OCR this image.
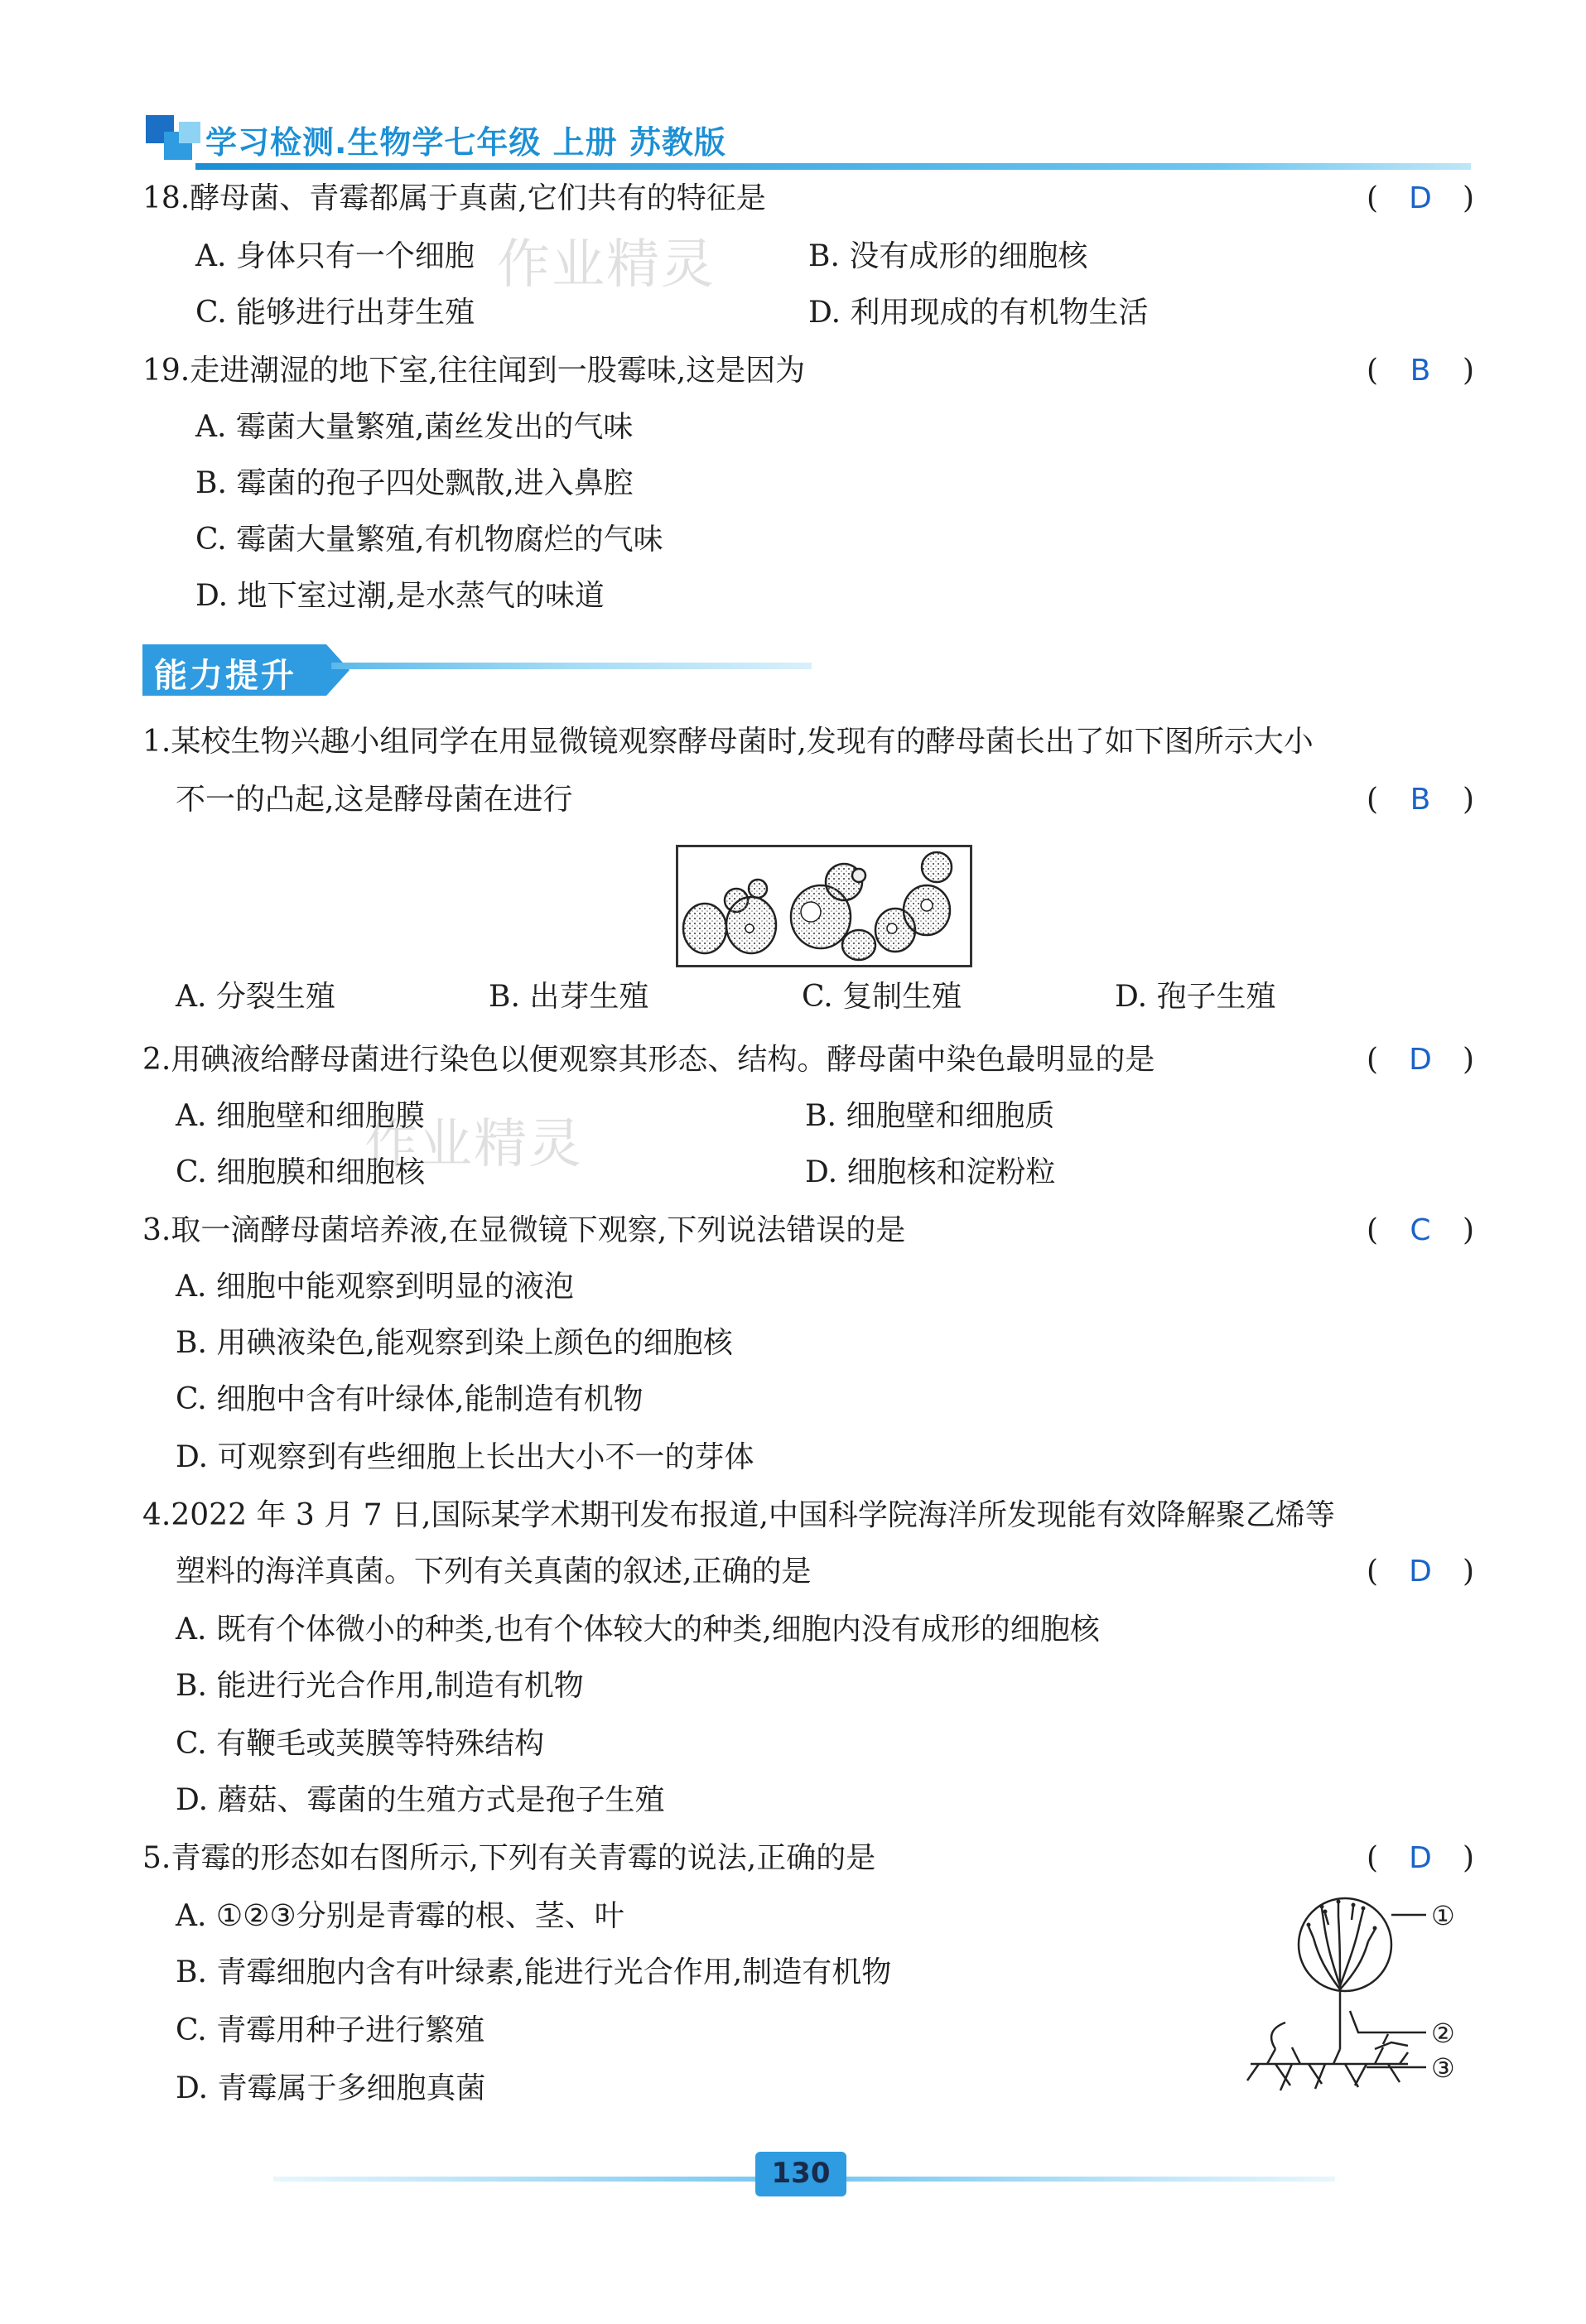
学习检测.生物学七年级 上册 苏教版
18.酵母菌、青霉都属于真菌,它们共有的特征是	( D )
A. 身体只有一个细胞	B. 没有成形的细胞核
C. 能够进行出芽生殖	D. 利用现成的有机物生活
19.走进潮湿的地下室,往往闻到一股霉味,这是因为	( B )
A. 霉菌大量繁殖,菌丝发出的气味
B. 霉菌的孢子四处飘散,进入鼻腔
C. 霉菌大量繁殖,有机物腐烂的气味
D. 地下室过潮,是水蒸气的味道
能力提升
1.某校生物兴趣小组同学在用显微镜观察酵母菌时,发现有的酵母菌长出了如下图所示大小
不一的凸起,这是酵母菌在进行	( B )
A. 分裂生殖	B. 出芽生殖	C. 复制生殖	D. 孢子生殖
2.用碘液给酵母菌进行染色以便观察其形态、结构。酵母菌中染色最明显的是	( D )
A. 细胞壁和细胞膜	B. 细胞壁和细胞质
C. 细胞膜和细胞核	D. 细胞核和淀粉粒
3.取一滴酵母菌培养液,在显微镜下观察,下列说法错误的是	( C )
A. 细胞中能观察到明显的液泡
B. 用碘液染色,能观察到染上颜色的细胞核
C. 细胞中含有叶绿体,能制造有机物
D. 可观察到有些细胞上长出大小不一的芽体
4.2022 年 3 月 7 日,国际某学术期刊发布报道,中国科学院海洋所发现能有效降解聚乙烯等
塑料的海洋真菌。下列有关真菌的叙述,正确的是	( D )
A. 既有个体微小的种类,也有个体较大的种类,细胞内没有成形的细胞核
B. 能进行光合作用,制造有机物
C. 有鞭毛或荚膜等特殊结构
D. 蘑菇、霉菌的生殖方式是孢子生殖
5.青霉的形态如右图所示,下列有关青霉的说法,正确的是	( D )
A. ①②③分别是青霉的根、茎、叶
B. 青霉细胞内含有叶绿素,能进行光合作用,制造有机物
C. 青霉用种子进行繁殖
D. 青霉属于多细胞真菌
①
②
③
作业精灵
作业精灵
130
